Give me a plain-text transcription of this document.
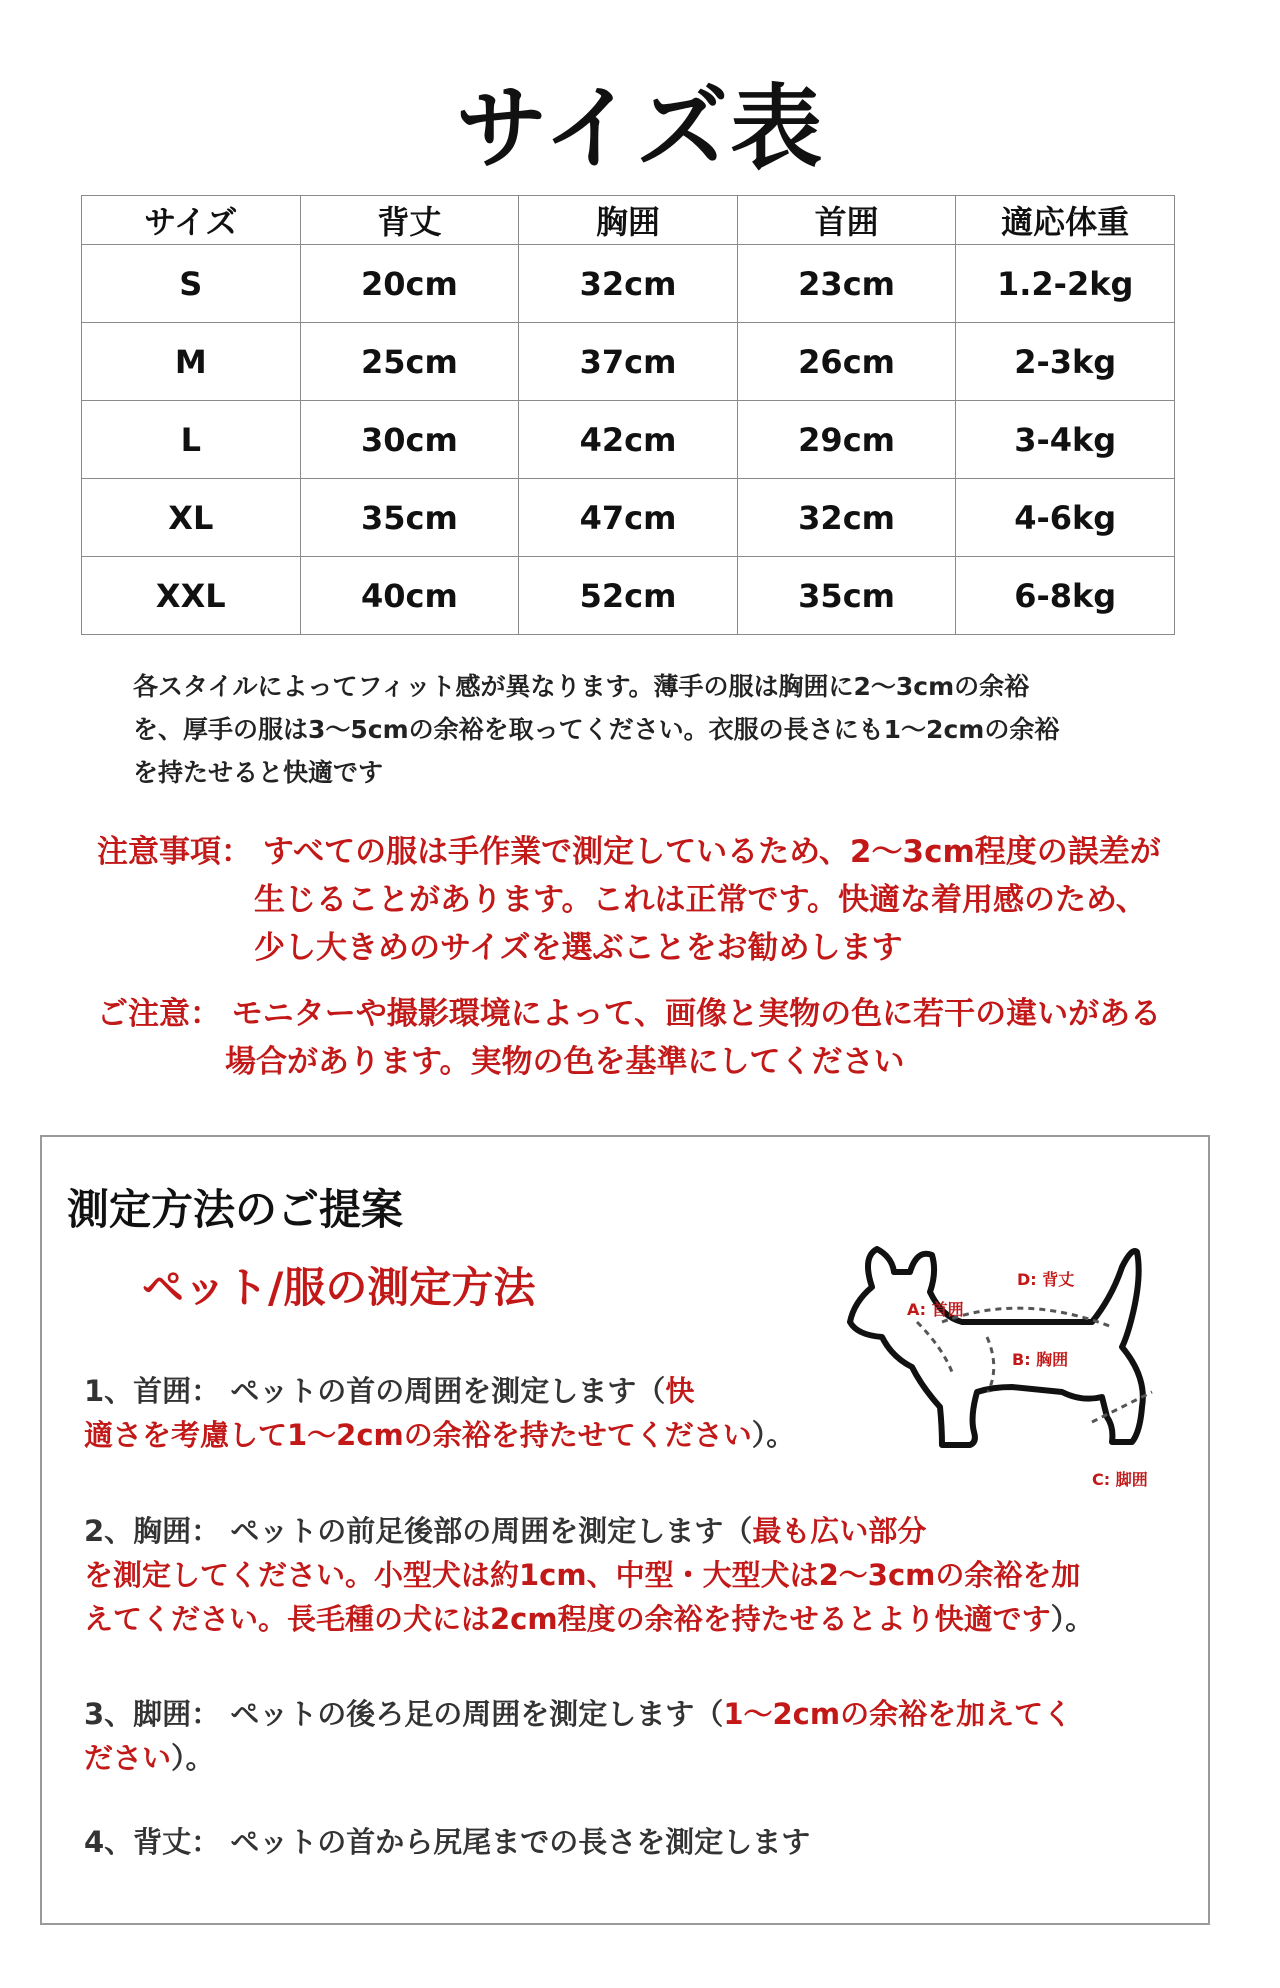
サイズ表
サイズ	背丈	胸囲	首囲	適応体重
S	20cm	32cm	23cm	1.2-2kg
M	25cm	37cm	26cm	2-3kg
L	30cm	42cm	29cm	3-4kg
XL	35cm	47cm	32cm	4-6kg
XXL	40cm	52cm	35cm	6-8kg
各スタイルによってフィット感が異なります。薄手の服は胸囲に2～3cmの余裕
を、厚手の服は3～5cmの余裕を取ってください。衣服の長さにも1～2cmの余裕
を持たせると快適です
注意事項： すべての服は手作業で測定しているため、2～3cm程度の誤差が
生じることがあります。これは正常です。快適な着用感のため、
少し大きめのサイズを選ぶことをお勧めします
ご注意： モニターや撮影環境によって、画像と実物の色に若干の違いがある
場合があります。実物の色を基準にしてください
測定方法のご提案
ペット/服の測定方法	A: 首囲
D: 背丈
B: 胸囲
C: 脚囲
1、首囲： ペットの首の周囲を測定します（快
適さを考慮して1～2cmの余裕を持たせてください）。
2、胸囲： ペットの前足後部の周囲を測定します（最も広い部分
を測定してください。小型犬は約1cm、中型・大型犬は2～3cmの余裕を加
えてください。長毛種の犬には2cm程度の余裕を持たせるとより快適です）。
3、脚囲： ペットの後ろ足の周囲を測定します（1～2cmの余裕を加えてく
ださい）。
4、背丈： ペットの首から尻尾までの長さを測定します
